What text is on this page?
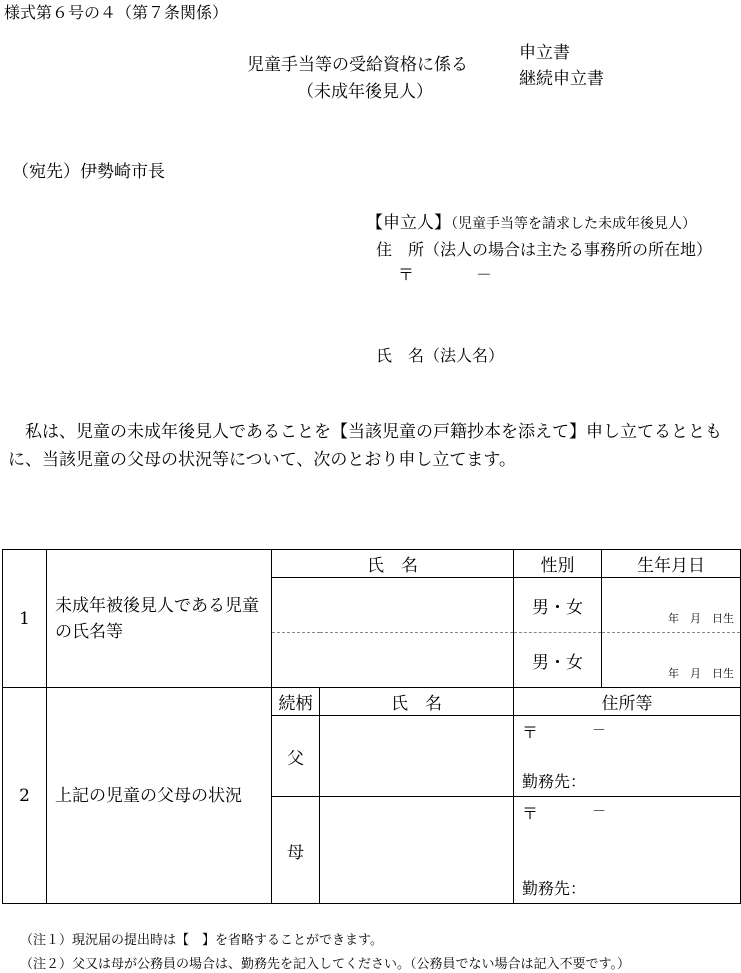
様式第６号の４（第７条関係）
児童手当等の受給資格に係る
申立書
継続申立書
（未成年後見人）
（宛先）伊勢崎市長
【申立人】（児童手当等を請求した未成年後見人）
住　所（法人の場合は主たる事務所の所在地）
〒	－
氏　名（法人名）
私は、児童の未成年後見人であることを【当該児童の戸籍抄本を添えて】申し立てるとともに、当該児童の父母の状況等について、次のとおり申し立てます。
1	未成年被後見人である児童の氏名等	氏　名		性別	生年月日
				男・女	年　月　日生

				男・女	年　月　日生

2	上記の児童の父母の状況	続柄	氏　名	住所等	
		父		〒 －
勤務先：	

		母		〒 －
勤務先：	
（注１）現況届の提出時は【　】を省略することができます。
（注２）父又は母が公務員の場合は、勤務先を記入してください。（公務員でない場合は記入不要です。）
